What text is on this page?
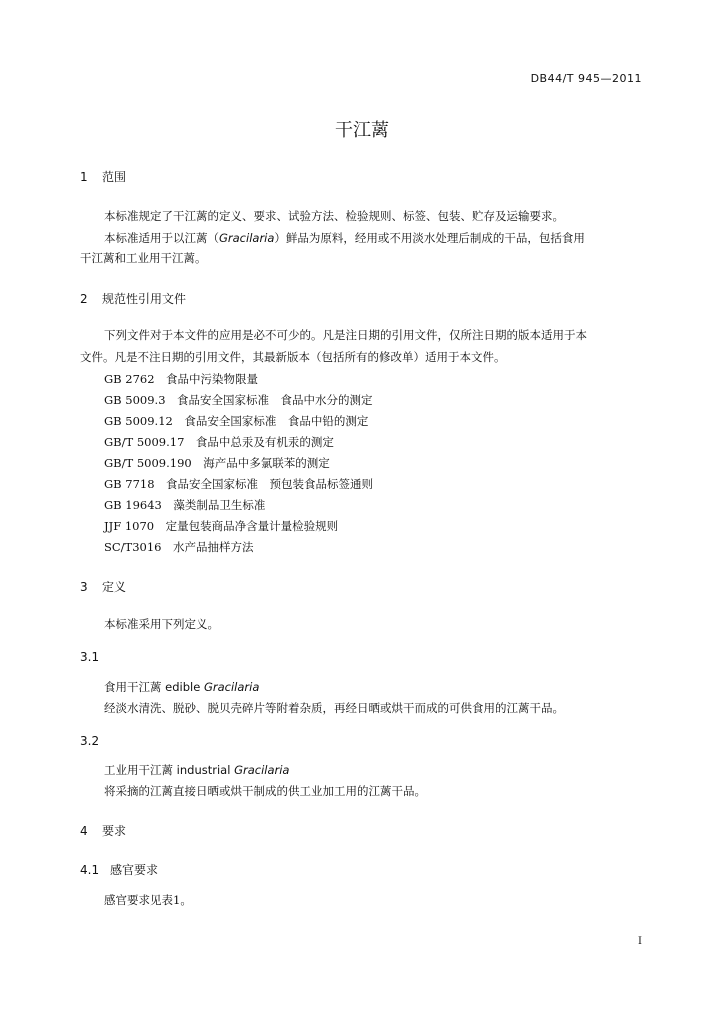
DB44/T 945—2011
干江蓠
1 范围
本标准规定了干江蓠的定义、要求、试验方法、检验规则、标签、包装、贮存及运输要求。
本标准适用于以江蓠（Gracilaria）鲜品为原料，经用或不用淡水处理后制成的干品，包括食用
干江蓠和工业用干江蓠。
2 规范性引用文件
下列文件对于本文件的应用是必不可少的。凡是注日期的引用文件，仅所注日期的版本适用于本
文件。凡是不注日期的引用文件，其最新版本（包括所有的修改单）适用于本文件。
GB 2762　食品中污染物限量
GB 5009.3　食品安全国家标准　食品中水分的测定
GB 5009.12　食品安全国家标准　食品中铅的测定
GB/T 5009.17　食品中总汞及有机汞的测定
GB/T 5009.190　海产品中多氯联苯的测定
GB 7718　食品安全国家标准　预包装食品标签通则
GB 19643　藻类制品卫生标准
JJF 1070　定量包装商品净含量计量检验规则
SC/T3016　水产品抽样方法
3 定义
本标准采用下列定义。
3.1
食用干江蓠 edible Gracilaria
经淡水清洗、脱砂、脱贝壳碎片等附着杂质，再经日晒或烘干而成的可供食用的江蓠干品。
3.2
工业用干江蓠 industrial Gracilaria
将采摘的江蓠直接日晒或烘干制成的供工业加工用的江蓠干品。
4 要求
4.1 感官要求
感官要求见表1。
I
